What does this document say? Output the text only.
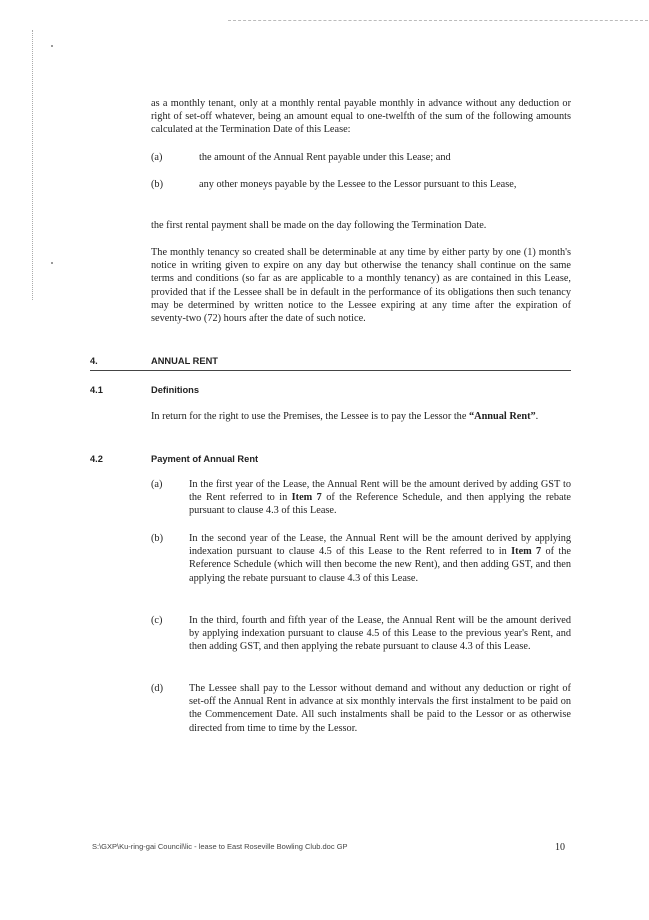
as a monthly tenant, only at a monthly rental payable monthly in advance without any deduction or right of set-off whatever, being an amount equal to one-twelfth of the sum of the following amounts calculated at the Termination Date of this Lease:

(a)	the amount of the Annual Rent payable under this Lease; and

(b)	any other moneys payable by the Lessee to the Lessor pursuant to this Lease,

the first rental payment shall be made on the day following the Termination Date.

The monthly tenancy so created shall be determinable at any time by either party by one (1) month's notice in writing given to expire on any day but otherwise the tenancy shall continue on the same terms and conditions (so far as are applicable to a monthly tenancy) as are contained in this Lease, provided that if the Lessee shall be in default in the performance of its obligations then such tenancy may be determined by written notice to the Lessee expiring at any time after the expiration of seventy-two (72) hours after the date of such notice.

4.	ANNUAL RENT

4.1	Definitions

In return for the right to use the Premises, the Lessee is to pay the Lessor the “Annual Rent”.

4.2	Payment of Annual Rent

(a)	In the first year of the Lease, the Annual Rent will be the amount derived by adding GST to the Rent referred to in Item 7 of the Reference Schedule, and then applying the rebate pursuant to clause 4.3 of this Lease.

(b)	In the second year of the Lease, the Annual Rent will be the amount derived by applying indexation pursuant to clause 4.5 of this Lease to the Rent referred to in Item 7 of the Reference Schedule (which will then become the new Rent), and then adding GST, and then applying the rebate pursuant to clause 4.3 of this Lease.

(c)	In the third, fourth and fifth year of the Lease, the Annual Rent will be the amount derived by applying indexation pursuant to clause 4.5 of this Lease to the previous year's Rent, and then adding GST, and then applying the rebate pursuant to clause 4.3 of this Lease.

(d)	The Lessee shall pay to the Lessor without demand and without any deduction or right of set-off the Annual Rent in advance at six monthly intervals the first instalment to be paid on the Commencement Date. All such instalments shall be paid to the Lessor or as otherwise directed from time to time by the Lessor.

S:\GXP\Ku-ring-gai Council\lic - lease to East Roseville Bowling Club.doc GP	10
